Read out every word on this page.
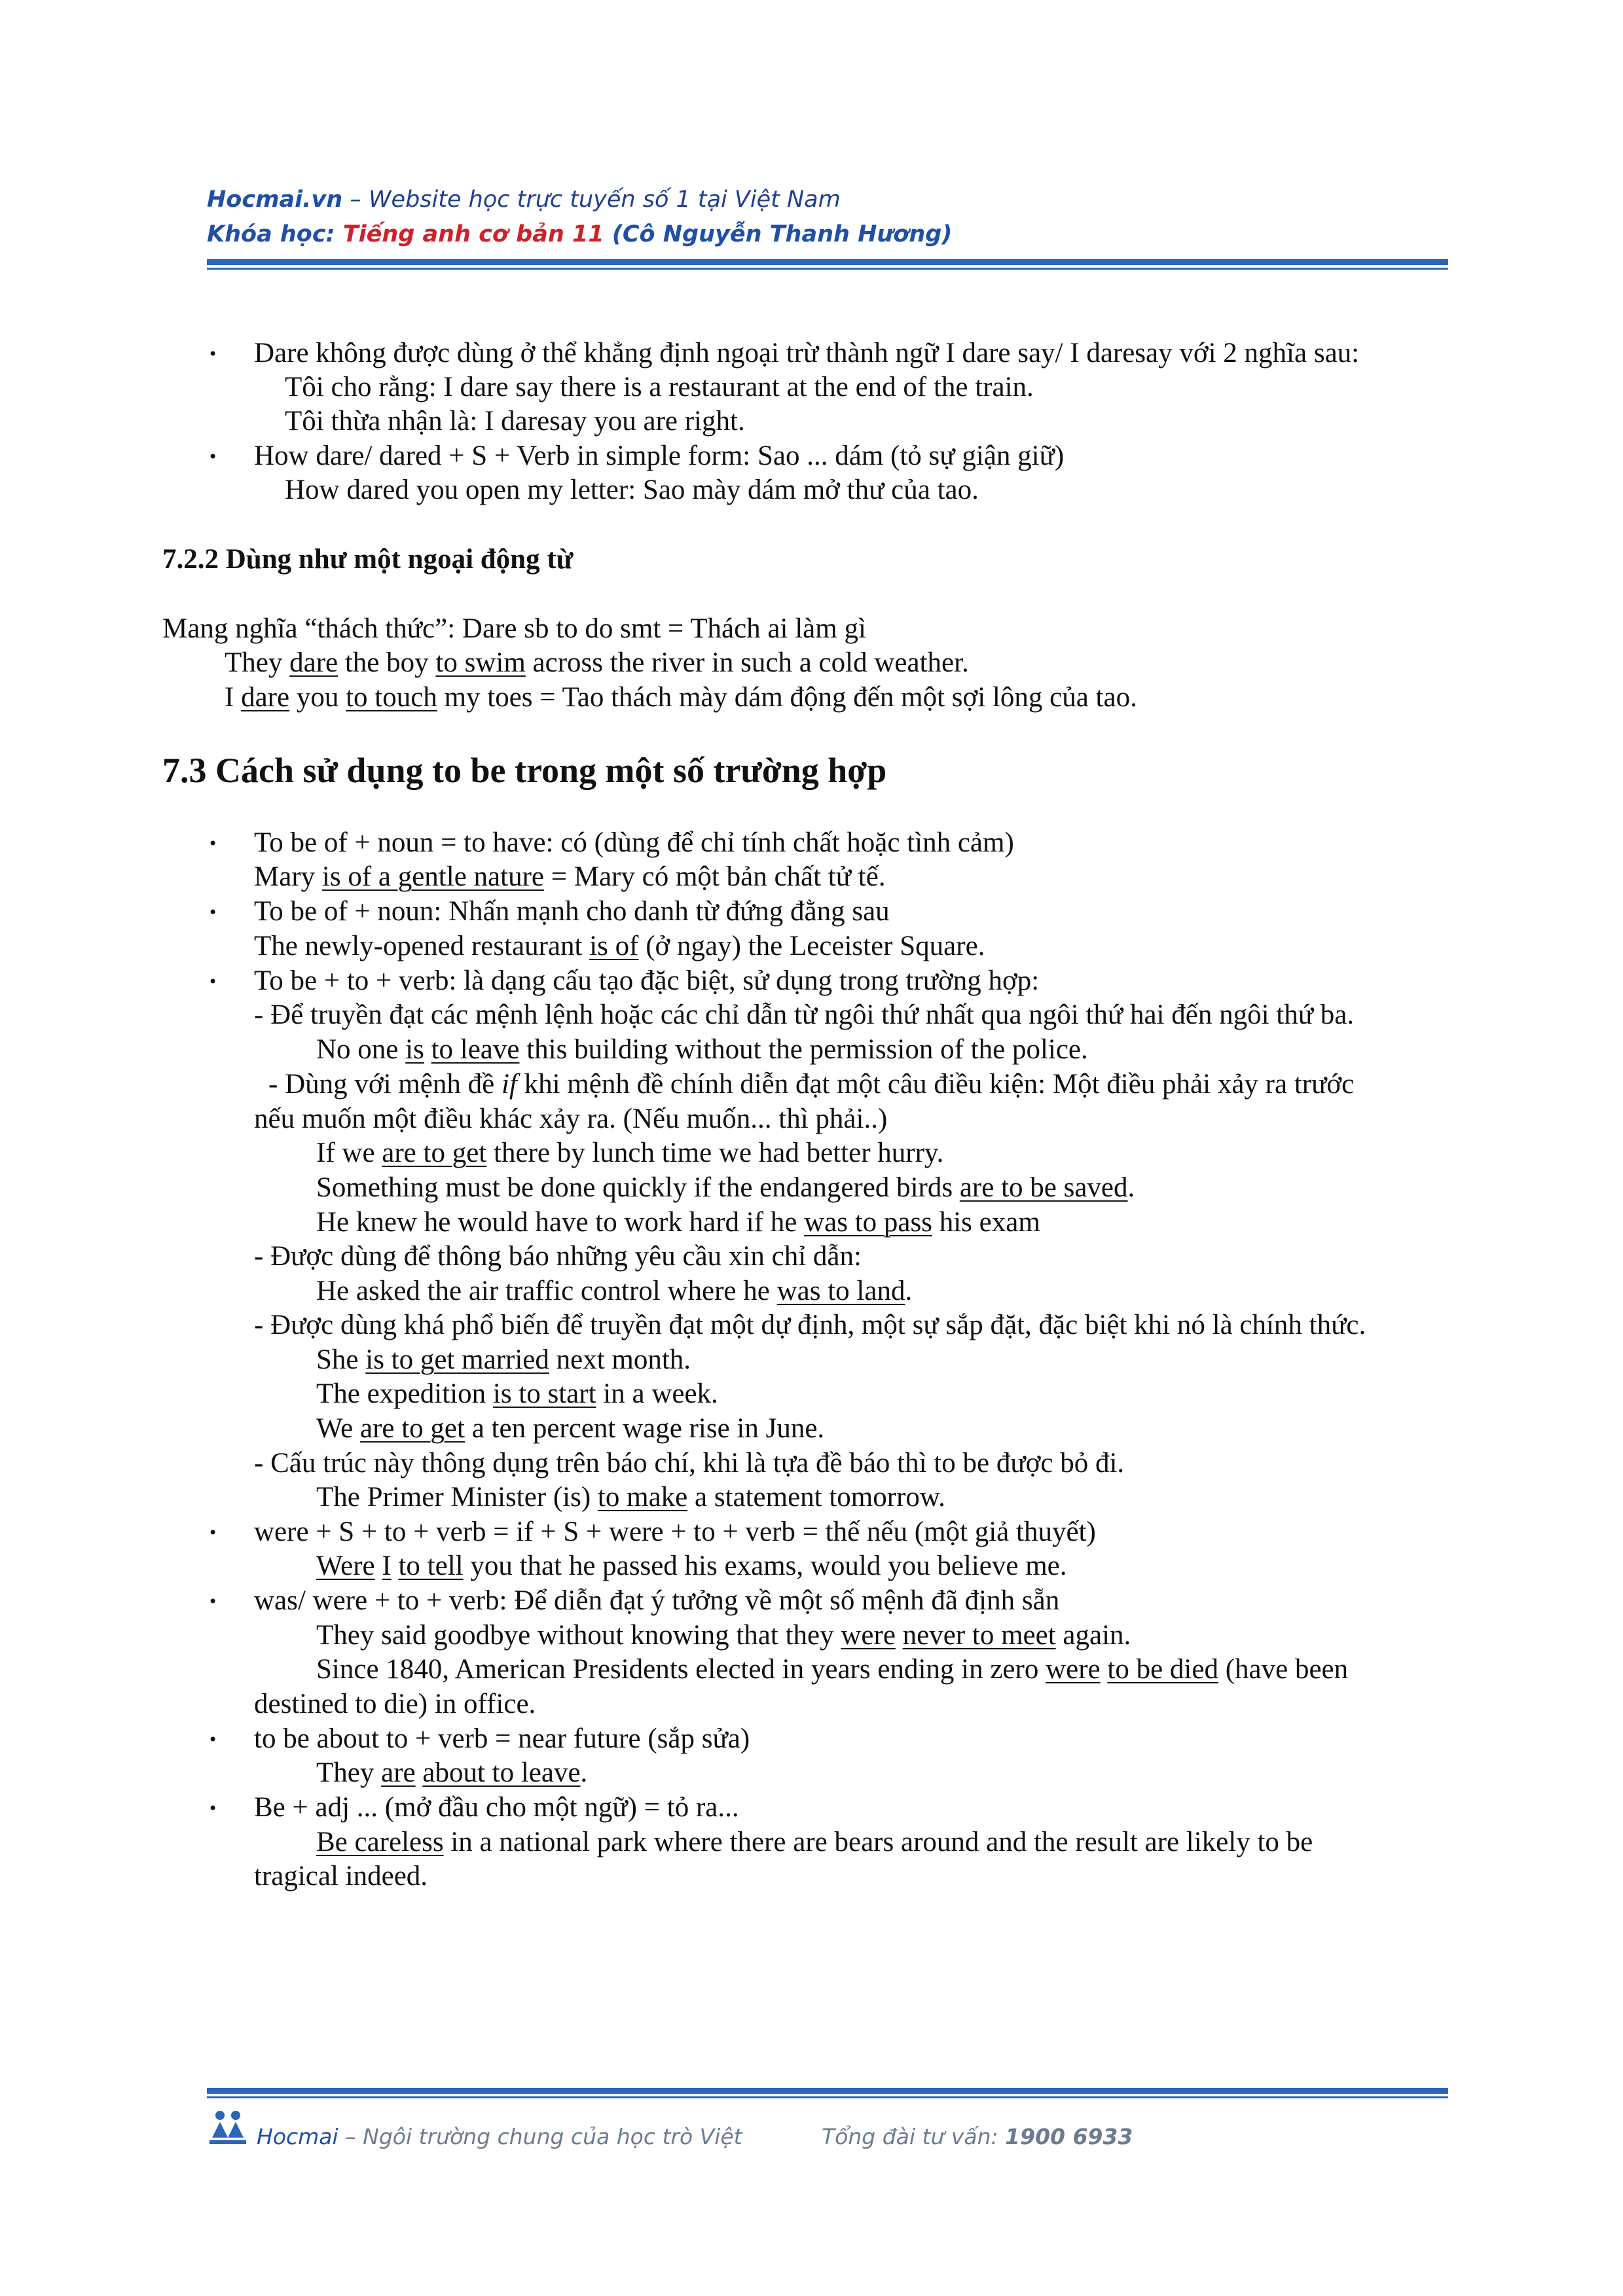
Hocmai.vn – Website học trực tuyến số 1 tại Việt Nam
Khóa học: Tiếng anh cơ bản 11 (Cô Nguyễn Thanh Hương)
• Dare không được dùng ở thể khẳng định ngoại trừ thành ngữ I dare say/ I daresay với 2 nghĩa sau:
Tôi cho rằng: I dare say there is a restaurant at the end of the train.
Tôi thừa nhận là: I daresay you are right.
• How dare/ dared + S + Verb in simple form: Sao ... dám (tỏ sự giận giữ)
How dared you open my letter: Sao mày dám mở thư của tao.
7.2.2 Dùng như một ngoại động từ
Mang nghĩa “thách thức”: Dare sb to do smt = Thách ai làm gì
They dare the boy to swim across the river in such a cold weather.
I dare you to touch my toes = Tao thách mày dám động đến một sợi lông của tao.
7.3 Cách sử dụng to be trong một số trường hợp
• To be of + noun = to have: có (dùng để chỉ tính chất hoặc tình cảm)
Mary is of a gentle nature = Mary có một bản chất tử tế.
• To be of + noun: Nhấn mạnh cho danh từ đứng đằng sau
The newly-opened restaurant is of (ở ngay) the Leceister Square.
• To be + to + verb: là dạng cấu tạo đặc biệt, sử dụng trong trường hợp:
- Để truyền đạt các mệnh lệnh hoặc các chỉ dẫn từ ngôi thứ nhất qua ngôi thứ hai đến ngôi thứ ba.
No one is to leave this building without the permission of the police.
- Dùng với mệnh đề if khi mệnh đề chính diễn đạt một câu điều kiện: Một điều phải xảy ra trước
nếu muốn một điều khác xảy ra. (Nếu muốn... thì phải..)
If we are to get there by lunch time we had better hurry.
Something must be done quickly if the endangered birds are to be saved.
He knew he would have to work hard if he was to pass his exam
- Được dùng để thông báo những yêu cầu xin chỉ dẫn:
He asked the air traffic control where he was to land.
- Được dùng khá phổ biến để truyền đạt một dự định, một sự sắp đặt, đặc biệt khi nó là chính thức.
She is to get married next month.
The expedition is to start in a week.
We are to get a ten percent wage rise in June.
- Cấu trúc này thông dụng trên báo chí, khi là tựa đề báo thì to be được bỏ đi.
The Primer Minister (is) to make a statement tomorrow.
• were + S + to + verb = if + S + were + to + verb = thế nếu (một giả thuyết)
Were I to tell you that he passed his exams, would you believe me.
• was/ were + to + verb: Để diễn đạt ý tưởng về một số mệnh đã định sẵn
They said goodbye without knowing that they were never to meet again.
Since 1840, American Presidents elected in years ending in zero were to be died (have been
destined to die) in office.
• to be about to + verb = near future (sắp sửa)
They are about to leave.
• Be + adj ... (mở đầu cho một ngữ) = tỏ ra...
Be careless in a national park where there are bears around and the result are likely to be
tragical indeed.
Hocmai – Ngôi trường chung của học trò Việt	Tổng đài tư vấn: 1900 6933
